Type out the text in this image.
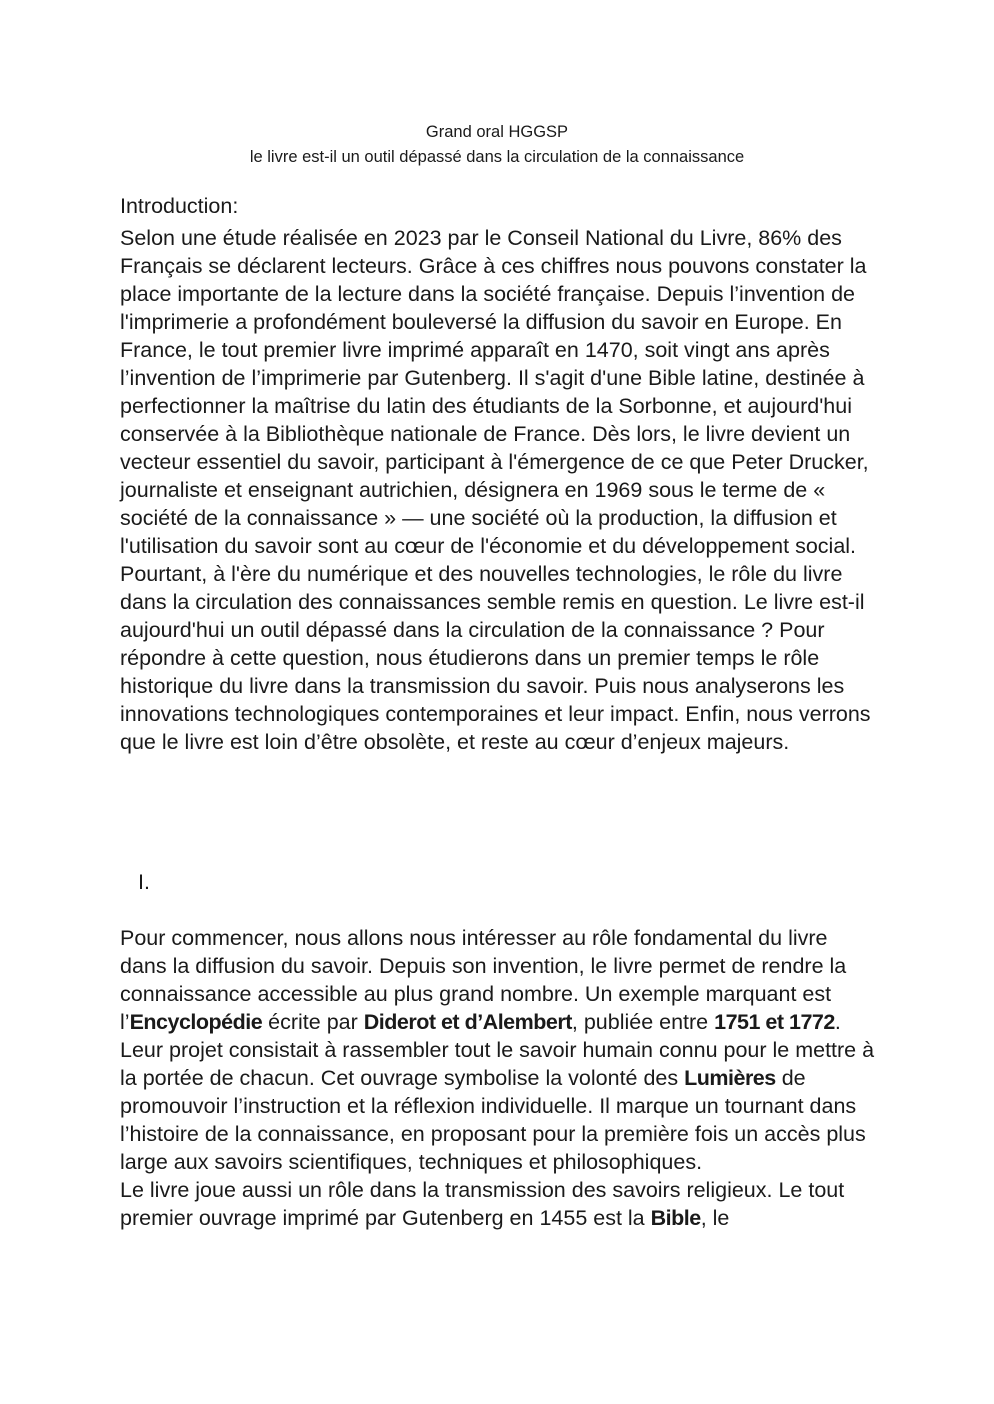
Grand oral HGGSP
le livre est-il un outil dépassé dans la circulation de la connaissance
Introduction:
Selon une étude réalisée en 2023 par le Conseil National du Livre, 86% des Français se déclarent lecteurs. Grâce à ces chiffres nous pouvons constater la place importante de la lecture dans la société française. Depuis l’invention de l'imprimerie a profondément bouleversé la diffusion du savoir en Europe. En France, le tout premier livre imprimé apparaît en 1470, soit vingt ans après l’invention de l’imprimerie par Gutenberg. Il s'agit d'une Bible latine, destinée à perfectionner la maîtrise du latin des étudiants de la Sorbonne, et aujourd'hui conservée à la Bibliothèque nationale de France. Dès lors, le livre devient un vecteur essentiel du savoir, participant à l'émergence de ce que Peter Drucker, journaliste et enseignant autrichien, désignera en 1969 sous le terme de « société de la connaissance » — une société où la production, la diffusion et l'utilisation du savoir sont au cœur de l'économie et du développement social. Pourtant, à l'ère du numérique et des nouvelles technologies, le rôle du livre dans la circulation des connaissances semble remis en question. Le livre est-il aujourd'hui un outil dépassé dans la circulation de la connaissance ? Pour répondre à cette question, nous étudierons dans un premier temps le rôle historique du livre dans la transmission du savoir. Puis nous analyserons les innovations technologiques contemporaines et leur impact. Enfin, nous verrons que le livre est loin d’être obsolète, et reste au cœur d’enjeux majeurs.
I.

Pour commencer, nous allons nous intéresser au rôle fondamental du livre dans la diffusion du savoir. Depuis son invention, le livre permet de rendre la connaissance accessible au plus grand nombre. Un exemple marquant est l’Encyclopédie écrite par Diderot et d’Alembert, publiée entre 1751 et 1772. Leur projet consistait à rassembler tout le savoir humain connu pour le mettre à la portée de chacun. Cet ouvrage symbolise la volonté des Lumières de promouvoir l’instruction et la réflexion individuelle. Il marque un tournant dans l’histoire de la connaissance, en proposant pour la première fois un accès plus large aux savoirs scientifiques, techniques et philosophiques.

Le livre joue aussi un rôle dans la transmission des savoirs religieux. Le tout premier ouvrage imprimé par Gutenberg en 1455 est la Bible, le
